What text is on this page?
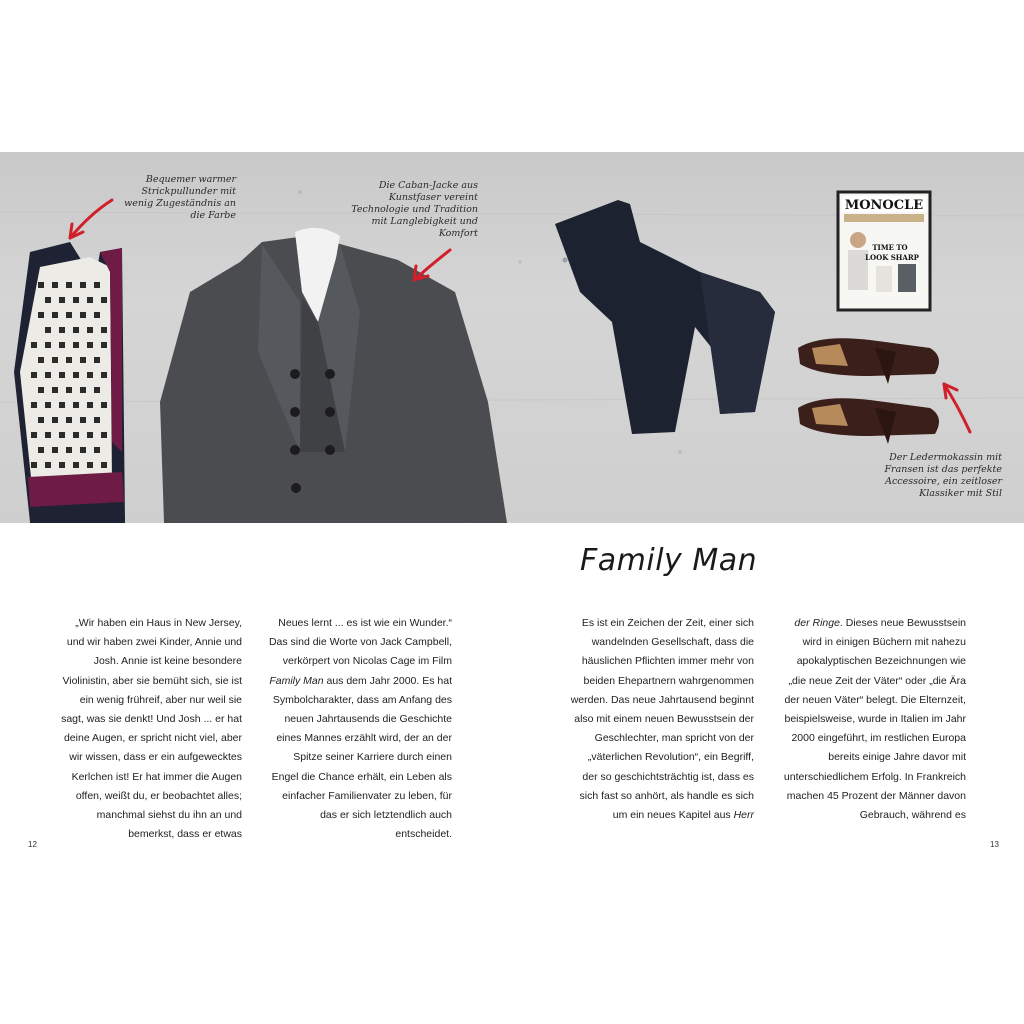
MONOCLE
TIME TO
LOOK SHARP
Bequemer warmer Strickpullunder mit wenig Zugeständnis an die Farbe
Die Caban-Jacke aus Kunstfaser vereint Technologie und Tradition mit Langlebigkeit und Komfort
Der Ledermokassin mit Fransen ist das perfekte Accessoire, ein zeitloser Klassiker mit Stil
Family Man
„Wir haben ein Haus in New Jersey, und wir haben zwei Kinder, Annie und Josh. Annie ist keine besondere Violinistin, aber sie bemüht sich, sie ist ein wenig frühreif, aber nur weil sie sagt, was sie denkt! Und Josh ... er hat deine Augen, er spricht nicht viel, aber wir wissen, dass er ein aufgewecktes Kerlchen ist! Er hat immer die Augen offen, weißt du, er beobachtet alles; manchmal siehst du ihn an und bemerkst, dass er etwas
Neues lernt ... es ist wie ein Wunder.“ Das sind die Worte von Jack Campbell, verkörpert von Nicolas Cage im Film Family Man aus dem Jahr 2000. Es hat Symbolcharakter, dass am Anfang des neuen Jahrtausends die Geschichte eines Mannes erzählt wird, der an der Spitze seiner Karriere durch einen Engel die Chance erhält, ein Leben als einfacher Familienvater zu leben, für das er sich letztendlich auch entscheidet.
Es ist ein Zeichen der Zeit, einer sich wandelnden Gesellschaft, dass die häuslichen Pflichten immer mehr von beiden Ehepartnern wahrgenommen werden. Das neue Jahrtausend beginnt also mit einem neuen Bewusstsein der Geschlechter, man spricht von der „väterlichen Revolution“, ein Begriff, der so geschichtsträchtig ist, dass es sich fast so anhört, als handle es sich um ein neues Kapitel aus Herr
der Ringe. Dieses neue Bewusstsein wird in einigen Büchern mit nahezu apokalyptischen Bezeichnungen wie „die neue Zeit der Väter“ oder „die Ära der neuen Väter“ belegt. Die Elternzeit, beispielsweise, wurde in Italien im Jahr 2000 eingeführt, im restlichen Europa bereits einige Jahre davor mit unterschiedlichem Erfolg. In Frankreich machen 45 Prozent der Männer davon Gebrauch, während es
12	13
